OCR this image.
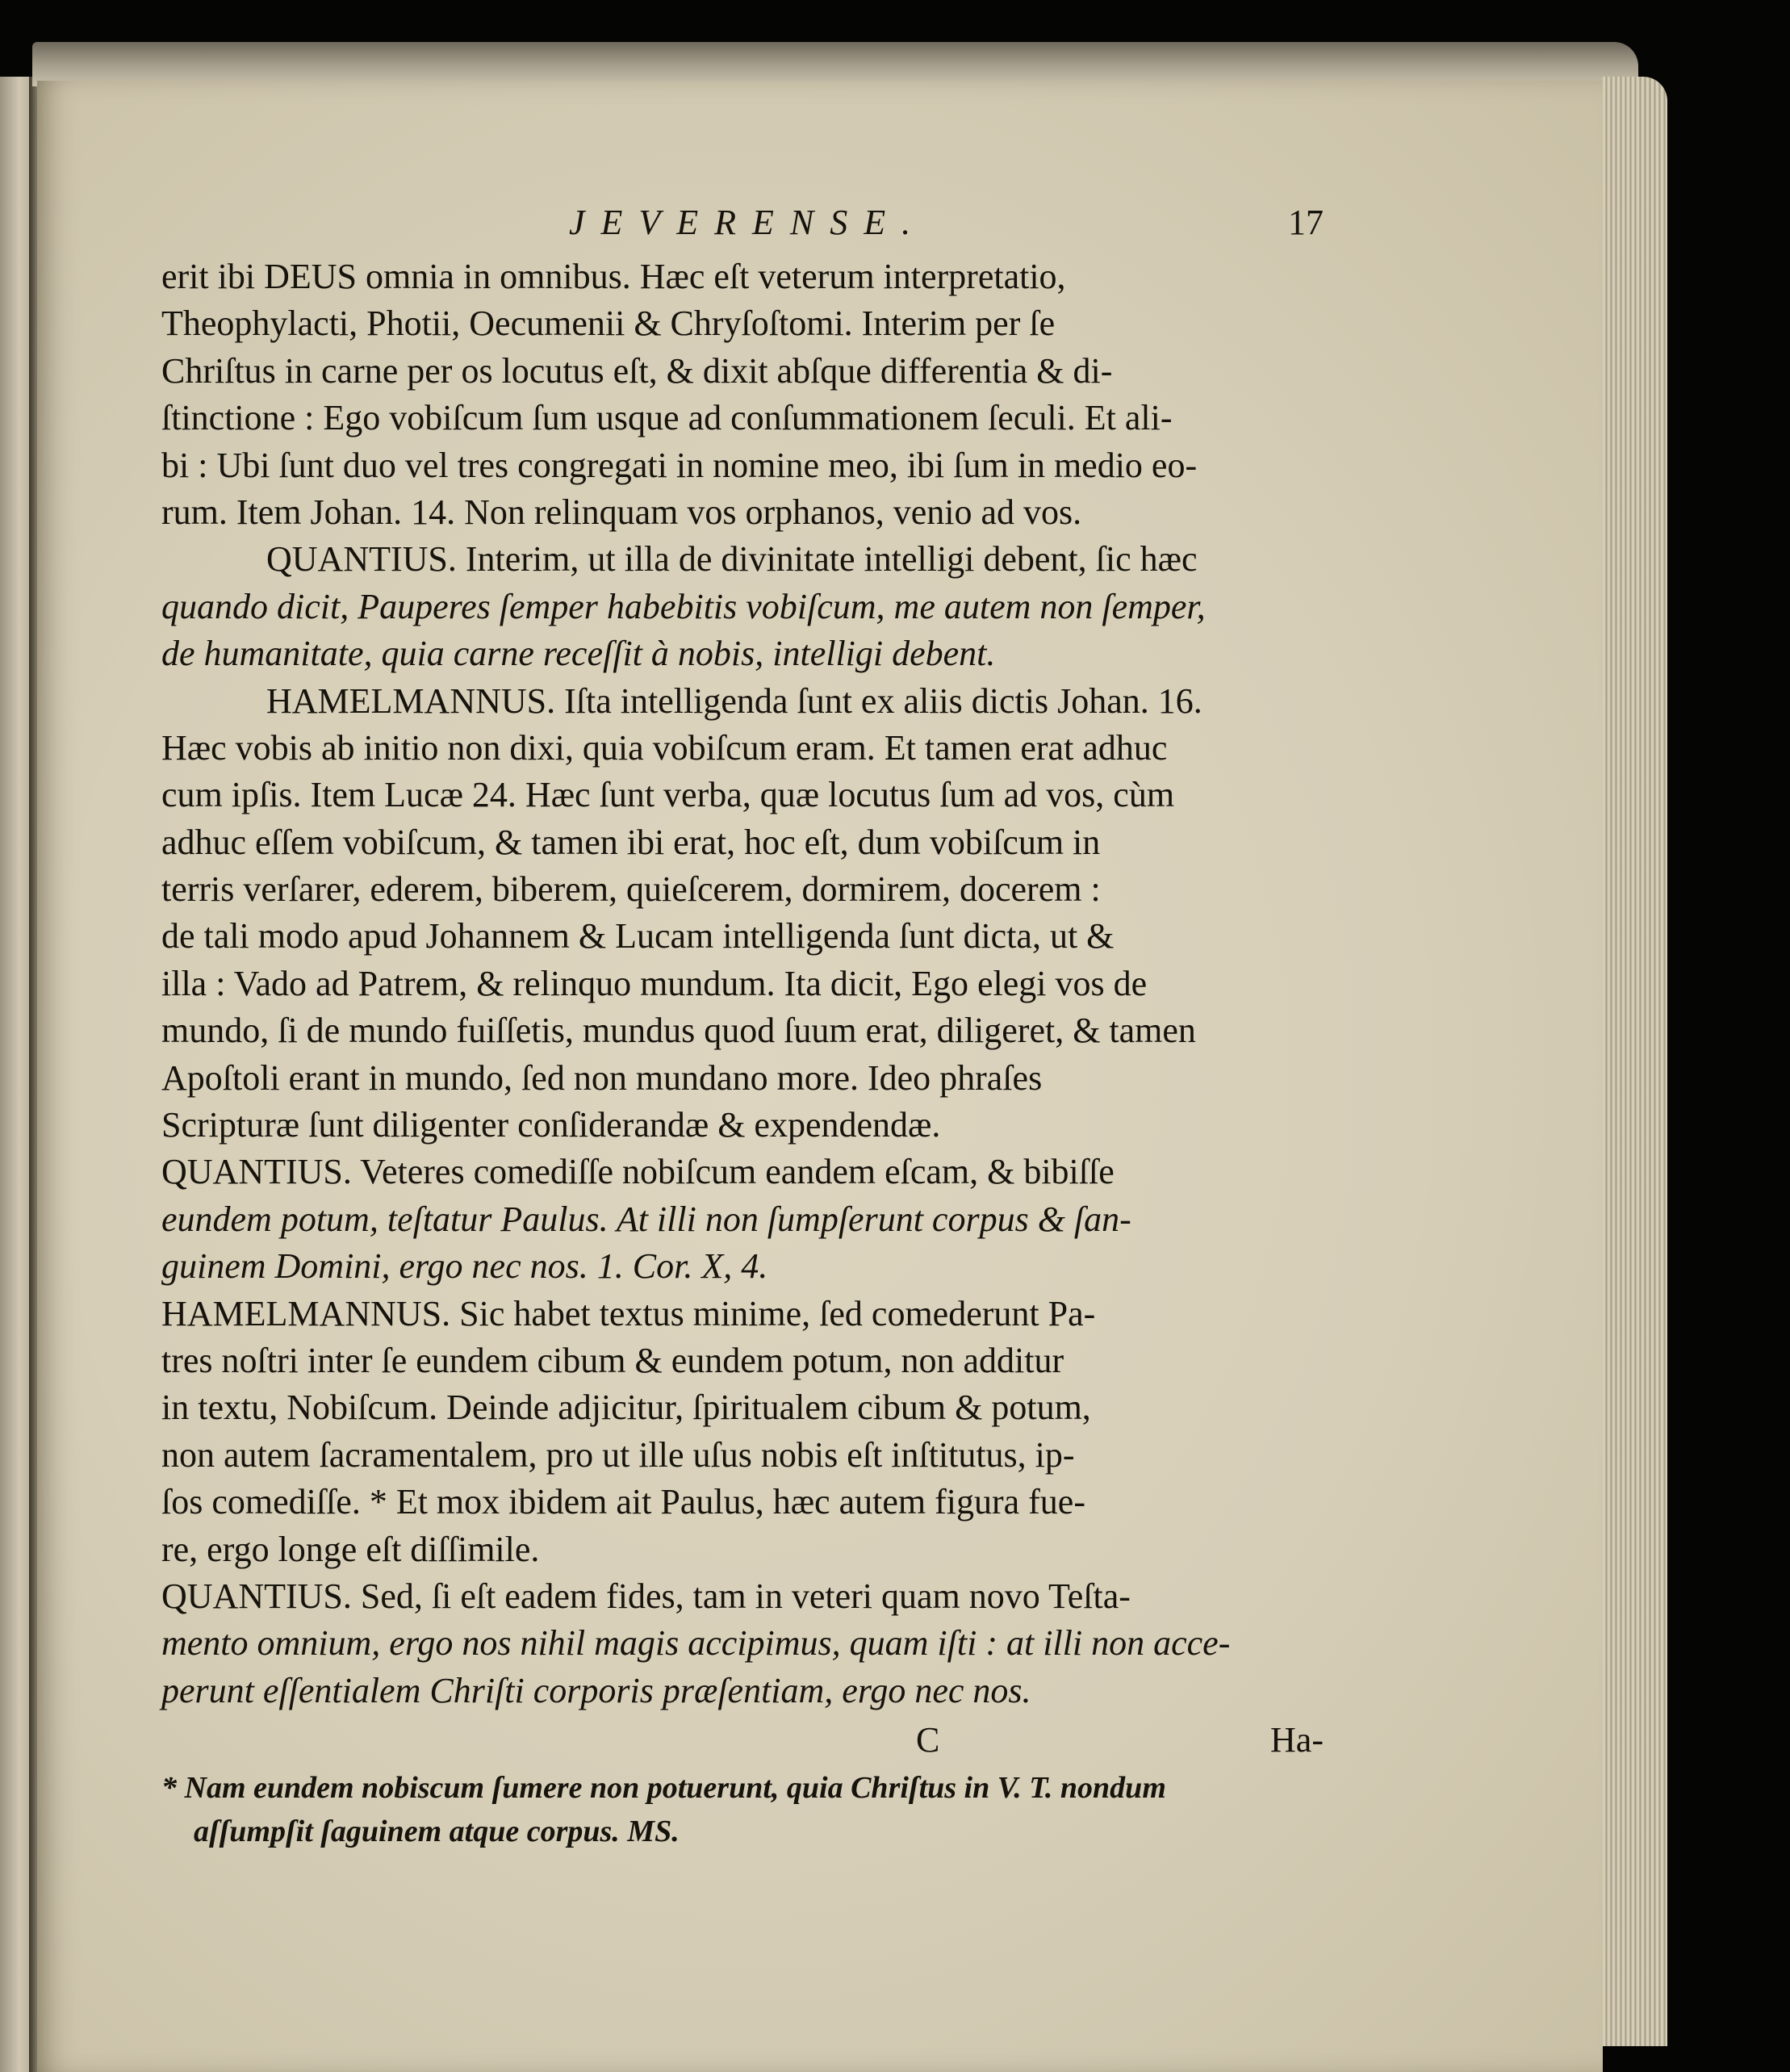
JEVERENSE.	17
erit ibi DEUS omnia in omnibus. Hæc eſt veterum interpretatio,
Theophylacti, Photii, Oecumenii & Chryſoſtomi. Interim per ſe
Chriſtus in carne per os locutus eſt, & dixit abſque differentia & di-
ſtinctione : Ego vobiſcum ſum usque ad conſummationem ſeculi. Et ali-
bi : Ubi ſunt duo vel tres congregati in nomine meo, ibi ſum in medio eo-
rum. Item Johan. 14. Non relinquam vos orphanos, venio ad vos.
QUANTIUS. Interim, ut illa de divinitate intelligi debent, ſic hæc
quando dicit, Pauperes ſemper habebitis vobiſcum, me autem non ſemper,
de humanitate, quia carne receſſit à nobis, intelligi debent.
HAMELMANNUS. Iſta intelligenda ſunt ex aliis dictis Johan. 16.
Hæc vobis ab initio non dixi, quia vobiſcum eram. Et tamen erat adhuc
cum ipſis. Item Lucæ 24. Hæc ſunt verba, quæ locutus ſum ad vos, cùm
adhuc eſſem vobiſcum, & tamen ibi erat, hoc eſt, dum vobiſcum in
terris verſarer, ederem, biberem, quieſcerem, dormirem, docerem :
de tali modo apud Johannem & Lucam intelligenda ſunt dicta, ut &
illa : Vado ad Patrem, & relinquo mundum. Ita dicit, Ego elegi vos de
mundo, ſi de mundo fuiſſetis, mundus quod ſuum erat, diligeret, & tamen
Apoſtoli erant in mundo, ſed non mundano more. Ideo phraſes
Scripturæ ſunt diligenter conſiderandæ & expendendæ.
QUANTIUS. Veteres comediſſe nobiſcum eandem eſcam, & bibiſſe
eundem potum, teſtatur Paulus. At illi non ſumpſerunt corpus & ſan-
guinem Domini, ergo nec nos. 1. Cor. X, 4.
HAMELMANNUS. Sic habet textus minime, ſed comederunt Pa-
tres noſtri inter ſe eundem cibum & eundem potum, non additur
in textu, Nobiſcum. Deinde adjicitur, ſpiritualem cibum & potum,
non autem ſacramentalem, pro ut ille uſus nobis eſt inſtitutus, ip-
ſos comediſſe. * Et mox ibidem ait Paulus, hæc autem figura fue-
re, ergo longe eſt diſſimile.
QUANTIUS. Sed, ſi eſt eadem fides, tam in veteri quam novo Teſta-
mento omnium, ergo nos nihil magis accipimus, quam iſti : at illi non acce-
perunt eſſentialem Chriſti corporis præſentiam, ergo nec nos.
C	Ha-
* Nam eundem nobiscum ſumere non potuerunt, quia Chriſtus in V. T. nondum
aſſumpſit ſaguinem atque corpus. MS.
